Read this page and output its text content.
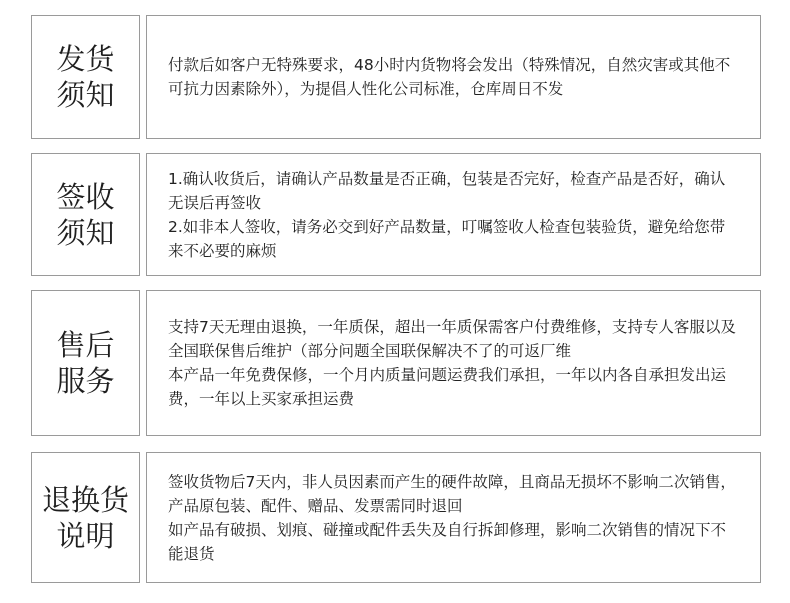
发货
须知

付款后如客户无特殊要求，48小时内货物将会发出（特殊情况，自然灾害或其他不可抗力因素除外），为提倡人性化公司标准，仓库周日不发

签收
须知

1.确认收货后，请确认产品数量是否正确，包装是否完好，检查产品是否好，确认无误后再签收

2.如非本人签收，请务必交到好产品数量，叮嘱签收人检查包装验货，避免给您带来不必要的麻烦

售后
服务

支持7天无理由退换，一年质保，超出一年质保需客户付费维修，支持专人客服以及全国联保售后维护（部分问题全国联保解决不了的可返厂维

本产品一年免费保修，一个月内质量问题运费我们承担，一年以内各自承担发出运费，一年以上买家承担运费

退换货
说明

签收货物后7天内，非人员因素而产生的硬件故障，且商品无损坏不影响二次销售，产品原包装、配件、赠品、发票需同时退回

如产品有破损、划痕、碰撞或配件丢失及自行拆卸修理，影响二次销售的情况下不能退货
